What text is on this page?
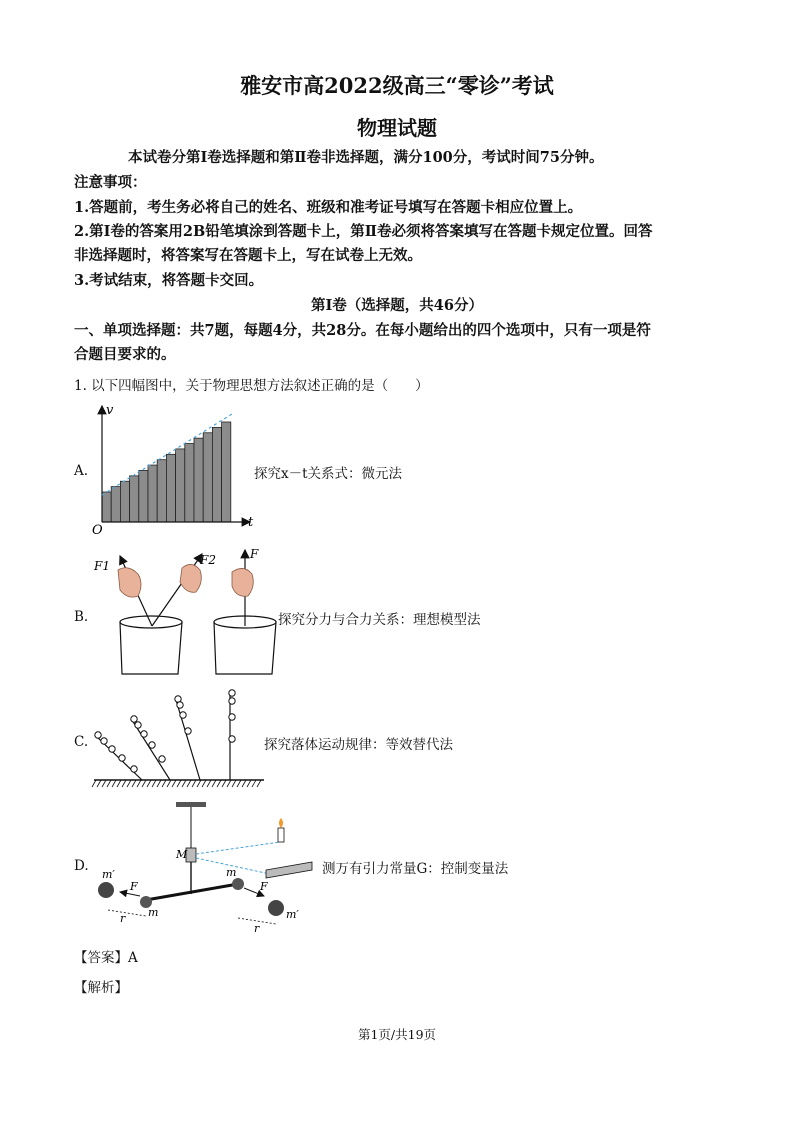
雅安市高2022级高三“零诊”考试
物理试题
本试卷分第Ⅰ卷选择题和第Ⅱ卷非选择题，满分100分，考试时间75分钟。
注意事项：
1.答题前，考生务必将自己的姓名、班级和准考证号填写在答题卡相应位置上。
2.第Ⅰ卷的答案用2B铅笔填涂到答题卡上，第Ⅱ卷必须将答案填写在答题卡规定位置。回答
非选择题时，将答案写在答题卡上，写在试卷上无效。
3.考试结束，将答题卡交回。
第Ⅰ卷（选择题，共46分）
一、单项选择题：共7题，每题4分，共28分。在每小题给出的四个选项中，只有一项是符
合题目要求的。
1. 以下四幅图中，关于物理思想方法叙述正确的是（　　）
A.	探究x－t关系式：微元法
v
O
t
B.	探究分力与合力关系：理想模型法
F1	F2	F
C.	探究落体运动规律：等效替代法
D.	测万有引力常量G：控制变量法
M
m′
m
F
r
m
F
m′
r
【答案】A
【解析】
第1页/共19页
